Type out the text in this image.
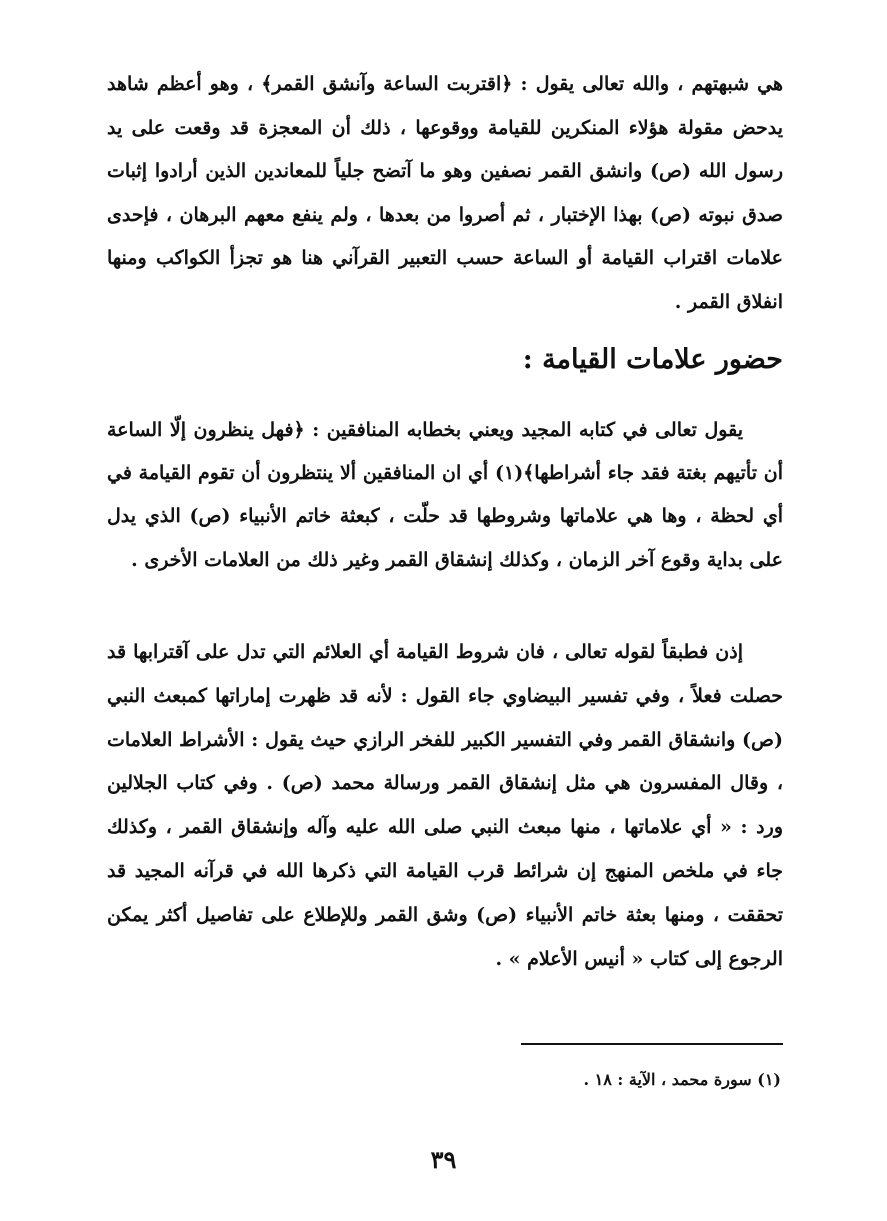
هي شبهتهم ، والله تعالى يقول : ﴿اقتربت الساعة وآنشق القمر﴾ ، وهو أعظم شاهد يدحض مقولة هؤلاء المنكرين للقيامة ووقوعها ، ذلك أن المعجزة قد وقعت على يد رسول الله (ص) وانشق القمر نصفين وهو ما آتضح جلياً للمعاندين الذين أرادوا إثبات صدق نبوته (ص) بهذا الإختبار ، ثم أصروا من بعدها ، ولم ينفع معهم البرهان ، فإحدى علامات اقتراب القيامة أو الساعة حسب التعبير القرآني هنا هو تجزأ الكواكب ومنها انفلاق القمر .

حضور علامات القيامة :

يقول تعالى في كتابه المجيد ويعني بخطابه المنافقين : ﴿فهل ينظرون إلّا الساعة أن تأتيهم بغتة فقد جاء أشراطها﴾(١) أي ان المنافقين ألا ينتظرون أن تقوم القيامة في أي لحظة ، وها هي علاماتها وشروطها قد حلّت ، كبعثة خاتم الأنبياء (ص) الذي يدل على بداية وقوع آخر الزمان ، وكذلك إنشقاق القمر وغير ذلك من العلامات الأخرى .

إذن فطبقاً لقوله تعالى ، فان شروط القيامة أي العلائم التي تدل على آقترابها قد حصلت فعلاً ، وفي تفسير البيضاوي جاء القول : لأنه قد ظهرت إماراتها كمبعث النبي (ص) وانشقاق القمر وفي التفسير الكبير للفخر الرازي حيث يقول : الأشراط العلامات ، وقال المفسرون هي مثل إنشقاق القمر ورسالة محمد (ص) . وفي كتاب الجلالين ورد : « أي علاماتها ، منها مبعث النبي صلى الله عليه وآله وإنشقاق القمر ، وكذلك جاء في ملخص المنهج إن شرائط قرب القيامة التي ذكرها الله في قرآنه المجيد قد تحققت ، ومنها بعثة خاتم الأنبياء (ص) وشق القمر وللإطلاع على تفاصيل أكثر يمكن الرجوع إلى كتاب « أنيس الأعلام » .

(١) سورة محمد ، الآية : ١٨ .
٣٩
